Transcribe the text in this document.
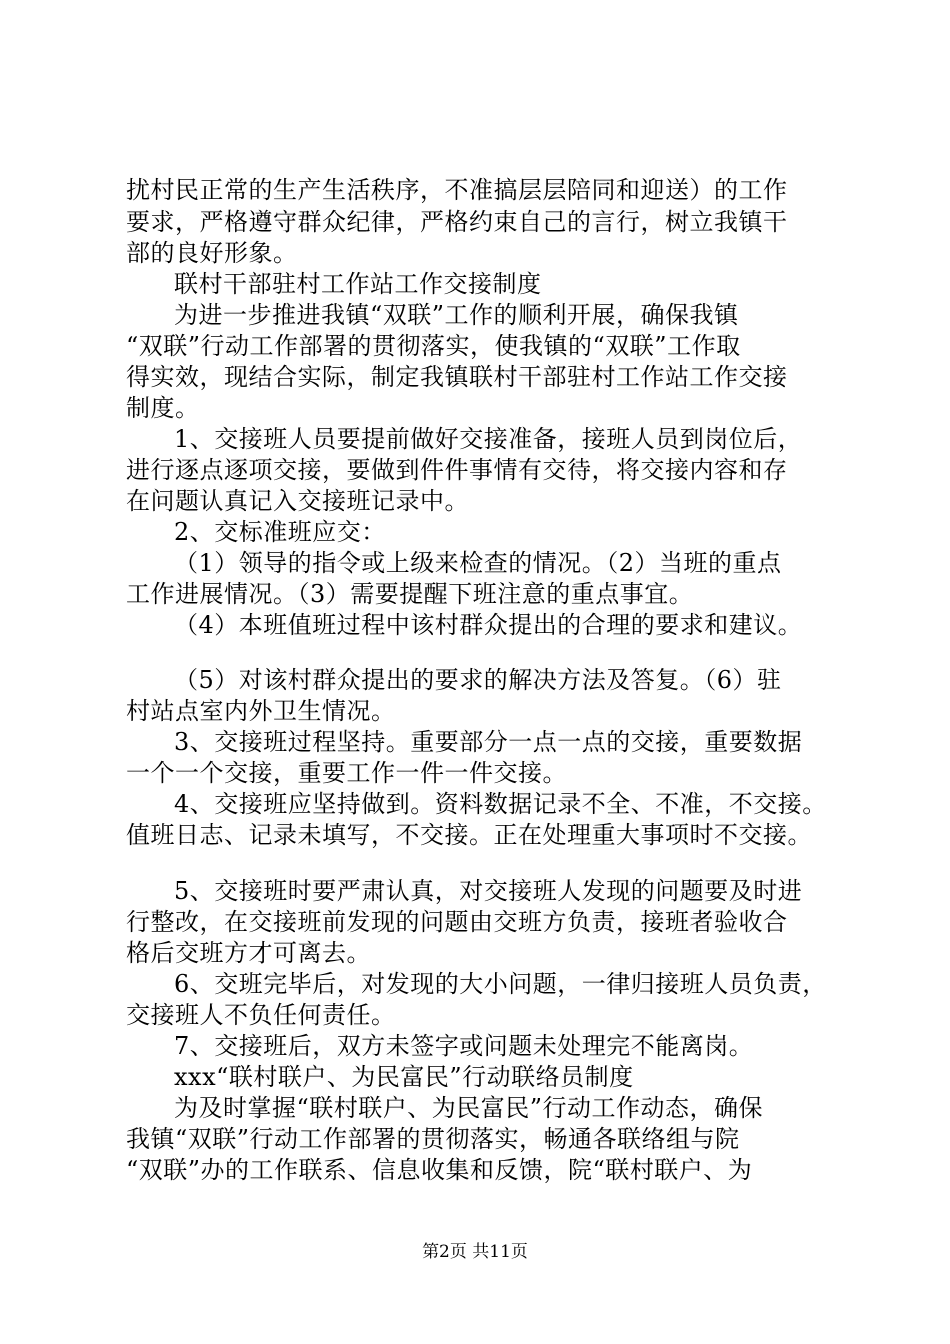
扰村民正常的生产生活秩序，不准搞层层陪同和迎送）的工作
要求，严格遵守群众纪律，严格约束自己的言行，树立我镇干
部的良好形象。
联村干部驻村工作站工作交接制度
为进一步推进我镇“双联”工作的顺利开展，确保我镇
“双联”行动工作部署的贯彻落实，使我镇的“双联”工作取
得实效，现结合实际，制定我镇联村干部驻村工作站工作交接
制度。
1、交接班人员要提前做好交接准备，接班人员到岗位后，
进行逐点逐项交接，要做到件件事情有交待，将交接内容和存
在问题认真记入交接班记录中。
2、交标准班应交：
（1）领导的指令或上级来检查的情况。（2）当班的重点
工作进展情况。（3）需要提醒下班注意的重点事宜。
（4）本班值班过程中该村群众提出的合理的要求和建议。
（5）对该村群众提出的要求的解决方法及答复。（6）驻
村站点室内外卫生情况。
3、交接班过程坚持。重要部分一点一点的交接，重要数据
一个一个交接，重要工作一件一件交接。
4、交接班应坚持做到。资料数据记录不全、不准，不交接。
值班日志、记录未填写，不交接。正在处理重大事项时不交接。
5、交接班时要严肃认真，对交接班人发现的问题要及时进
行整改，在交接班前发现的问题由交班方负责，接班者验收合
格后交班方才可离去。
6、交班完毕后，对发现的大小问题，一律归接班人员负责，
交接班人不负任何责任。
7、交接班后，双方未签字或问题未处理完不能离岗。
xxx“联村联户、为民富民”行动联络员制度
为及时掌握“联村联户、为民富民”行动工作动态，确保
我镇“双联”行动工作部署的贯彻落实，畅通各联络组与院
“双联”办的工作联系、信息收集和反馈，院“联村联户、为
第2页 共11页
